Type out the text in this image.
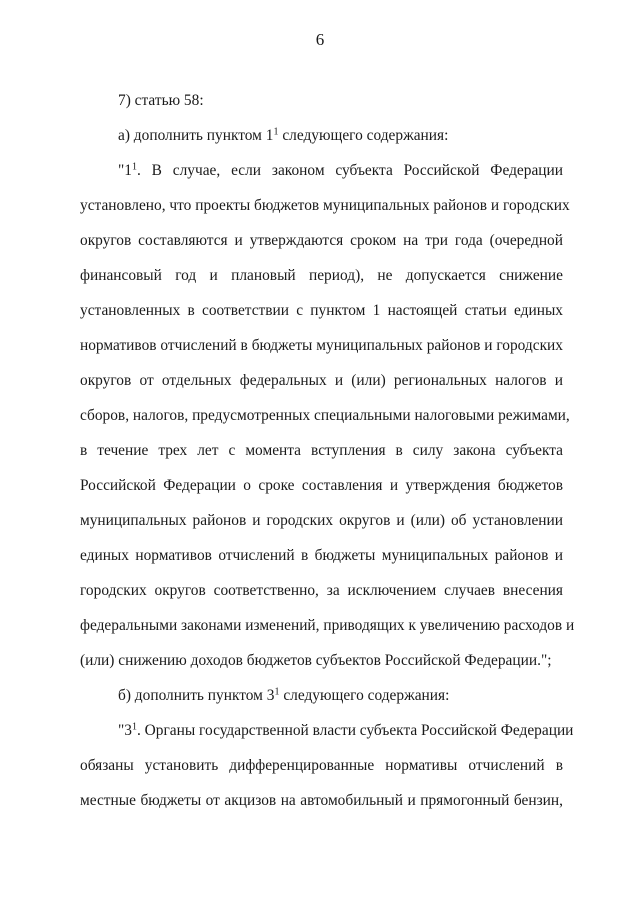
6
7) статью 58:
а) дополнить пунктом $1^1$ следующего содержания:
"$1^1$. В случае, если законом субъекта Российской Федерации
установлено, что проекты бюджетов муниципальных районов и городских
округов составляются и утверждаются сроком на три года (очередной
финансовый год и плановый период), не допускается снижение
установленных в соответствии с пунктом 1 настоящей статьи единых
нормативов отчислений в бюджеты муниципальных районов и городских
округов от отдельных федеральных и (или) региональных налогов и
сборов, налогов, предусмотренных специальными налоговыми режимами,
в течение трех лет с момента вступления в силу закона субъекта
Российской Федерации о сроке составления и утверждения бюджетов
муниципальных районов и городских округов и (или) об установлении
единых нормативов отчислений в бюджеты муниципальных районов и
городских округов соответственно, за исключением случаев внесения
федеральными законами изменений, приводящих к увеличению расходов и
(или) снижению доходов бюджетов субъектов Российской Федерации.";
б) дополнить пунктом $3^1$ следующего содержания:
"$3^1$. Органы государственной власти субъекта Российской Федерации
обязаны установить дифференцированные нормативы отчислений в
местные бюджеты от акцизов на автомобильный и прямогонный бензин,
